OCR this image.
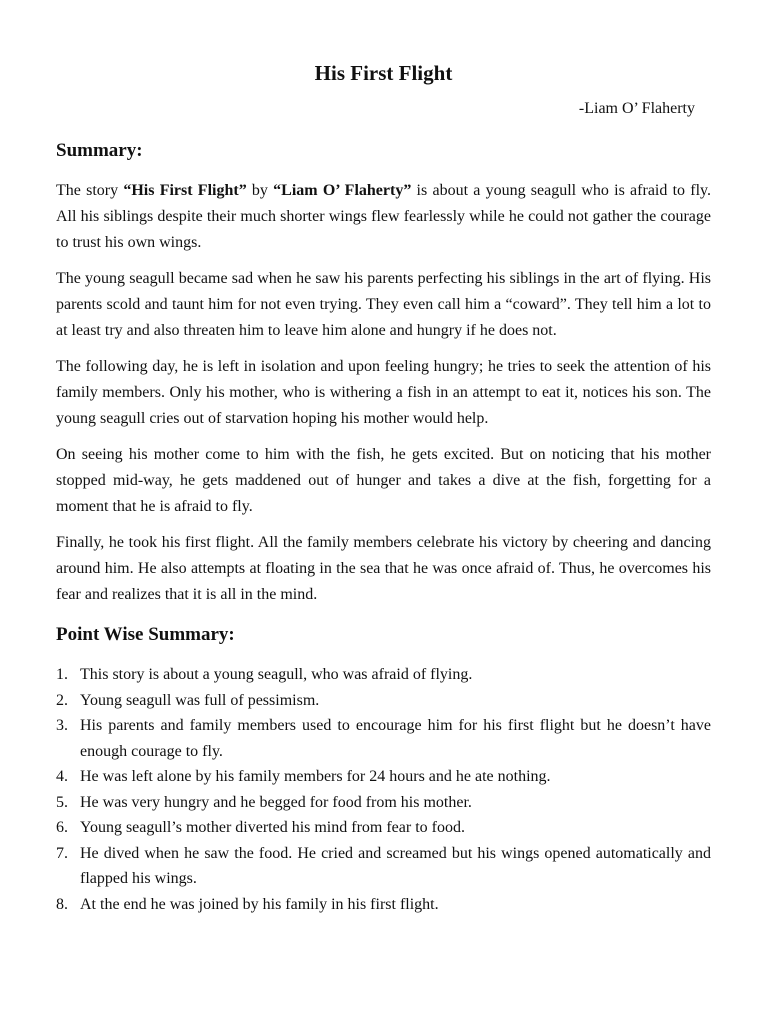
His First Flight
-Liam O’ Flaherty
Summary:

The story “His First Flight” by “Liam O’ Flaherty” is about a young seagull who is afraid to fly. All his siblings despite their much shorter wings flew fearlessly while he could not gather the courage to trust his own wings.

The young seagull became sad when he saw his parents perfecting his siblings in the art of flying. His parents scold and taunt him for not even trying. They even call him a “coward”. They tell him a lot to at least try and also threaten him to leave him alone and hungry if he does not.

The following day, he is left in isolation and upon feeling hungry; he tries to seek the attention of his family members. Only his mother, who is withering a fish in an attempt to eat it, notices his son. The young seagull cries out of starvation hoping his mother would help.

On seeing his mother come to him with the fish, he gets excited. But on noticing that his mother stopped mid-way, he gets maddened out of hunger and takes a dive at the fish, forgetting for a moment that he is afraid to fly.

Finally, he took his first flight. All the family members celebrate his victory by cheering and dancing around him. He also attempts at floating in the sea that he was once afraid of. Thus, he overcomes his fear and realizes that it is all in the mind.

Point Wise Summary:
1. This story is about a young seagull, who was afraid of flying.
2. Young seagull was full of pessimism.
3. His parents and family members used to encourage him for his first flight but he doesn’t have enough courage to fly.
4. He was left alone by his family members for 24 hours and he ate nothing.
5. He was very hungry and he begged for food from his mother.
6. Young seagull’s mother diverted his mind from fear to food.
7. He dived when he saw the food. He cried and screamed but his wings opened automatically and flapped his wings.
8. At the end he was joined by his family in his first flight.
